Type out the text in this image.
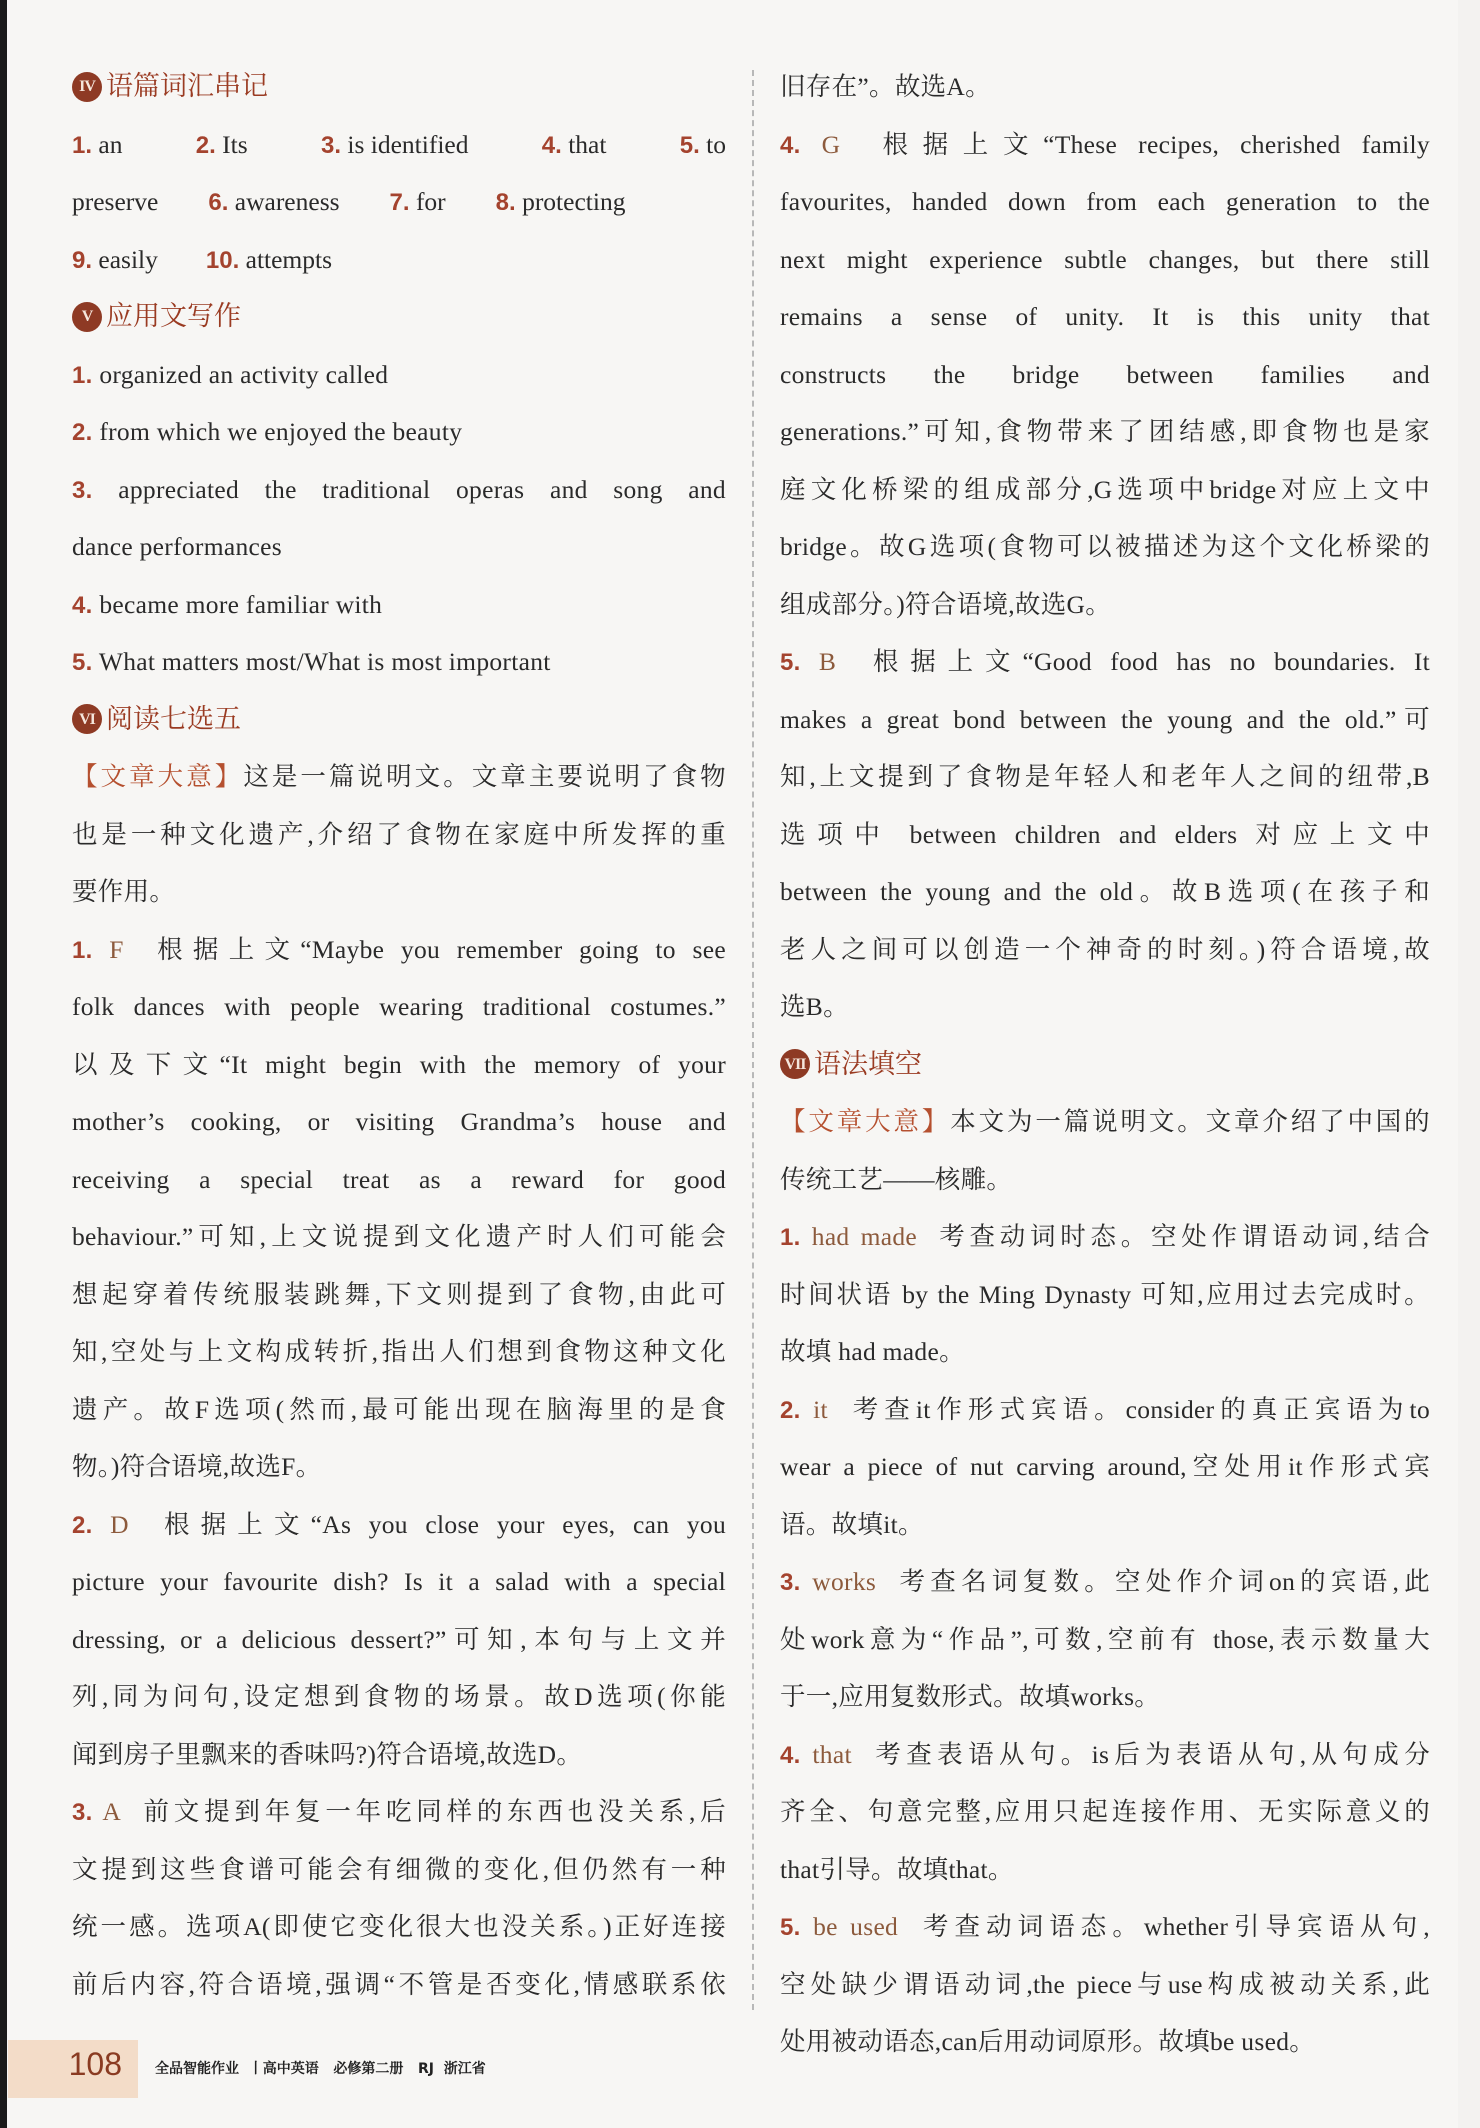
IV 语篇词汇串记
1. an	2. Its	3. is identified	4. that	5. to
preserve 6. awareness 7. for 8. protecting
9. easily 10. attempts
V 应用文写作
1. organized an activity called
2. from which we enjoyed the beauty
3. appreciated the traditional operas and song and
dance performances
4. became more familiar with
5. What matters most/What is most important
VI 阅读七选五
【文章大意】这是一篇说明文。文章主要说明了食物
也是一种文化遗产,介绍了食物在家庭中所发挥的重
要作用。
1. F 根据上文“Maybe you remember going to see
folk dances with people wearing traditional costumes.”
以及下文“It might begin with the memory of your
mother’s cooking, or visiting Grandma’s house and
receiving a special treat as a reward for good
behaviour.”可知,上文说提到文化遗产时人们可能会
想起穿着传统服装跳舞,下文则提到了食物,由此可
知,空处与上文构成转折,指出人们想到食物这种文化
遗产。故F选项(然而,最可能出现在脑海里的是食
物。)符合语境,故选F。
2. D 根据上文“As you close your eyes, can you
picture your favourite dish? Is it a salad with a special
dressing, or a delicious dessert?”可知,本句与上文并
列,同为问句,设定想到食物的场景。故D选项(你能
闻到房子里飘来的香味吗?)符合语境,故选D。
3. A 前文提到年复一年吃同样的东西也没关系,后
文提到这些食谱可能会有细微的变化,但仍然有一种
统一感。选项A(即使它变化很大也没关系。)正好连接
前后内容,符合语境,强调“不管是否变化,情感联系依
旧存在”。故选A。
4. G 根据上文“These recipes, cherished family
favourites, handed down from each generation to the
next might experience subtle changes, but there still
remains a sense of unity. It is this unity that
constructs the bridge between families and
generations.”可知,食物带来了团结感,即食物也是家
庭文化桥梁的组成部分,G选项中bridge对应上文中
bridge。故G选项(食物可以被描述为这个文化桥梁的
组成部分。)符合语境,故选G。
5. B 根据上文“Good food has no boundaries. It
makes a great bond between the young and the old.”可
知,上文提到了食物是年轻人和老年人之间的纽带,B
选项中 between children and elders 对应上文中
between the young and the old。故B选项(在孩子和
老人之间可以创造一个神奇的时刻。)符合语境,故
选B。
VII 语法填空
【文章大意】本文为一篇说明文。文章介绍了中国的
传统工艺——核雕。
1. had made 考查动词时态。空处作谓语动词,结合
时间状语 by the Ming Dynasty 可知,应用过去完成时。
故填 had made。
2. it 考查it作形式宾语。consider的真正宾语为to
wear a piece of nut carving around,空处用it作形式宾
语。故填it。
3. works 考查名词复数。空处作介词on的宾语,此
处work意为“作品”,可数,空前有 those,表示数量大
于一,应用复数形式。故填works。
4. that 考查表语从句。is后为表语从句,从句成分
齐全、句意完整,应用只起连接作用、无实际意义的
that引导。故填that。
5. be used 考查动词语态。whether引导宾语从句,
空处缺少谓语动词,the piece与use构成被动关系,此
处用被动语态,can后用动词原形。故填be used。
108 全品智能作业  丨高中英语   必修第二册   RJ  浙江省
